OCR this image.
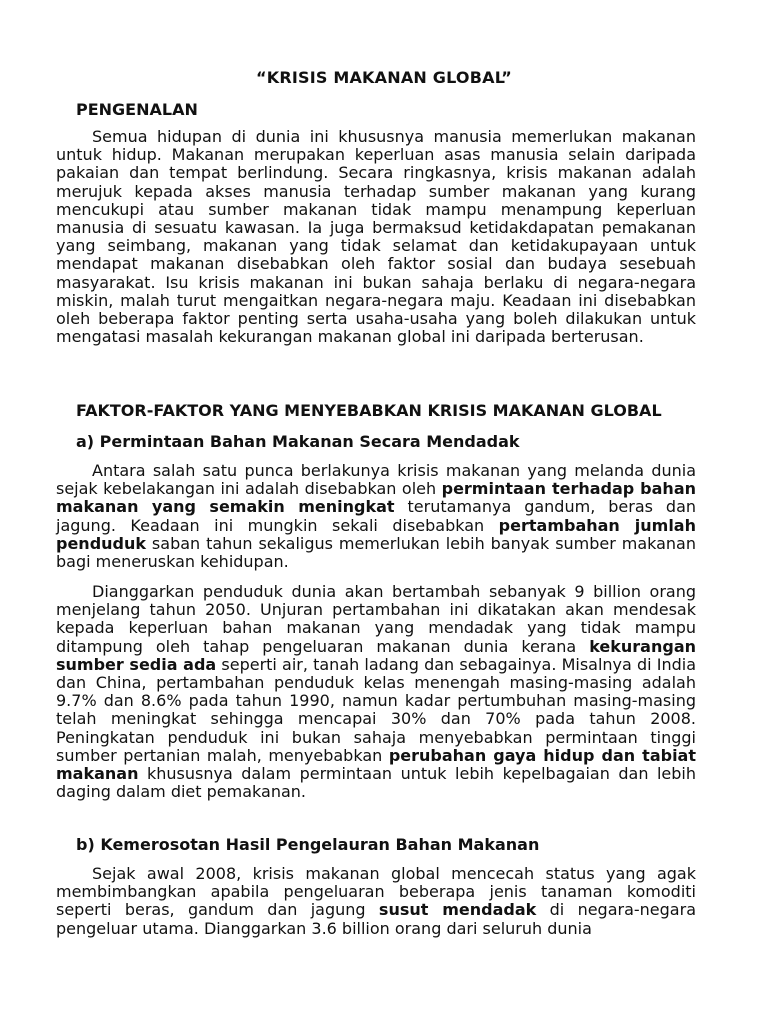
“KRISIS MAKANAN GLOBAL”
PENGENALAN
Semua hidupan di dunia ini khususnya manusia memerlukan makanan untuk hidup. Makanan merupakan keperluan asas manusia selain daripada pakaian dan tempat berlindung. Secara ringkasnya, krisis makanan adalah merujuk kepada akses manusia terhadap sumber makanan yang kurang mencukupi atau sumber makanan tidak mampu menampung keperluan manusia di sesuatu kawasan. Ia juga bermaksud ketidakdapatan pemakanan yang seimbang, makanan yang tidak selamat dan ketidakupayaan untuk mendapat makanan disebabkan oleh faktor sosial dan budaya sesebuah masyarakat. Isu krisis makanan ini bukan sahaja berlaku di negara-negara miskin, malah turut mengaitkan negara-negara maju. Keadaan ini disebabkan oleh beberapa faktor penting serta usaha-usaha yang boleh dilakukan untuk mengatasi masalah kekurangan makanan global ini daripada berterusan.
FAKTOR-FAKTOR YANG MENYEBABKAN KRISIS MAKANAN GLOBAL
a) Permintaan Bahan Makanan Secara Mendadak
Antara salah satu punca berlakunya krisis makanan yang melanda dunia sejak kebelakangan ini adalah disebabkan oleh permintaan terhadap bahan makanan yang semakin meningkat terutamanya gandum, beras dan jagung. Keadaan ini mungkin sekali disebabkan pertambahan jumlah penduduk saban tahun sekaligus memerlukan lebih banyak sumber makanan bagi meneruskan kehidupan.
Dianggarkan penduduk dunia akan bertambah sebanyak 9 billion orang menjelang tahun 2050. Unjuran pertambahan ini dikatakan akan mendesak kepada keperluan bahan makanan yang mendadak yang tidak mampu ditampung oleh tahap pengeluaran makanan dunia kerana kekurangan sumber sedia ada seperti air, tanah ladang dan sebagainya. Misalnya di India dan China, pertambahan penduduk kelas menengah masing-masing adalah 9.7% dan 8.6% pada tahun 1990, namun kadar pertumbuhan masing-masing telah meningkat sehingga mencapai 30% dan 70% pada tahun 2008. Peningkatan penduduk ini bukan sahaja menyebabkan permintaan tinggi sumber pertanian malah, menyebabkan perubahan gaya hidup dan tabiat makanan khususnya dalam permintaan untuk lebih kepelbagaian dan lebih daging dalam diet pemakanan.
b) Kemerosotan Hasil Pengelauran Bahan Makanan
Sejak awal 2008, krisis makanan global mencecah status yang agak membimbangkan apabila pengeluaran beberapa jenis tanaman komoditi seperti beras, gandum dan jagung susut mendadak di negara-negara pengeluar utama. Dianggarkan 3.6 billion orang dari seluruh dunia
